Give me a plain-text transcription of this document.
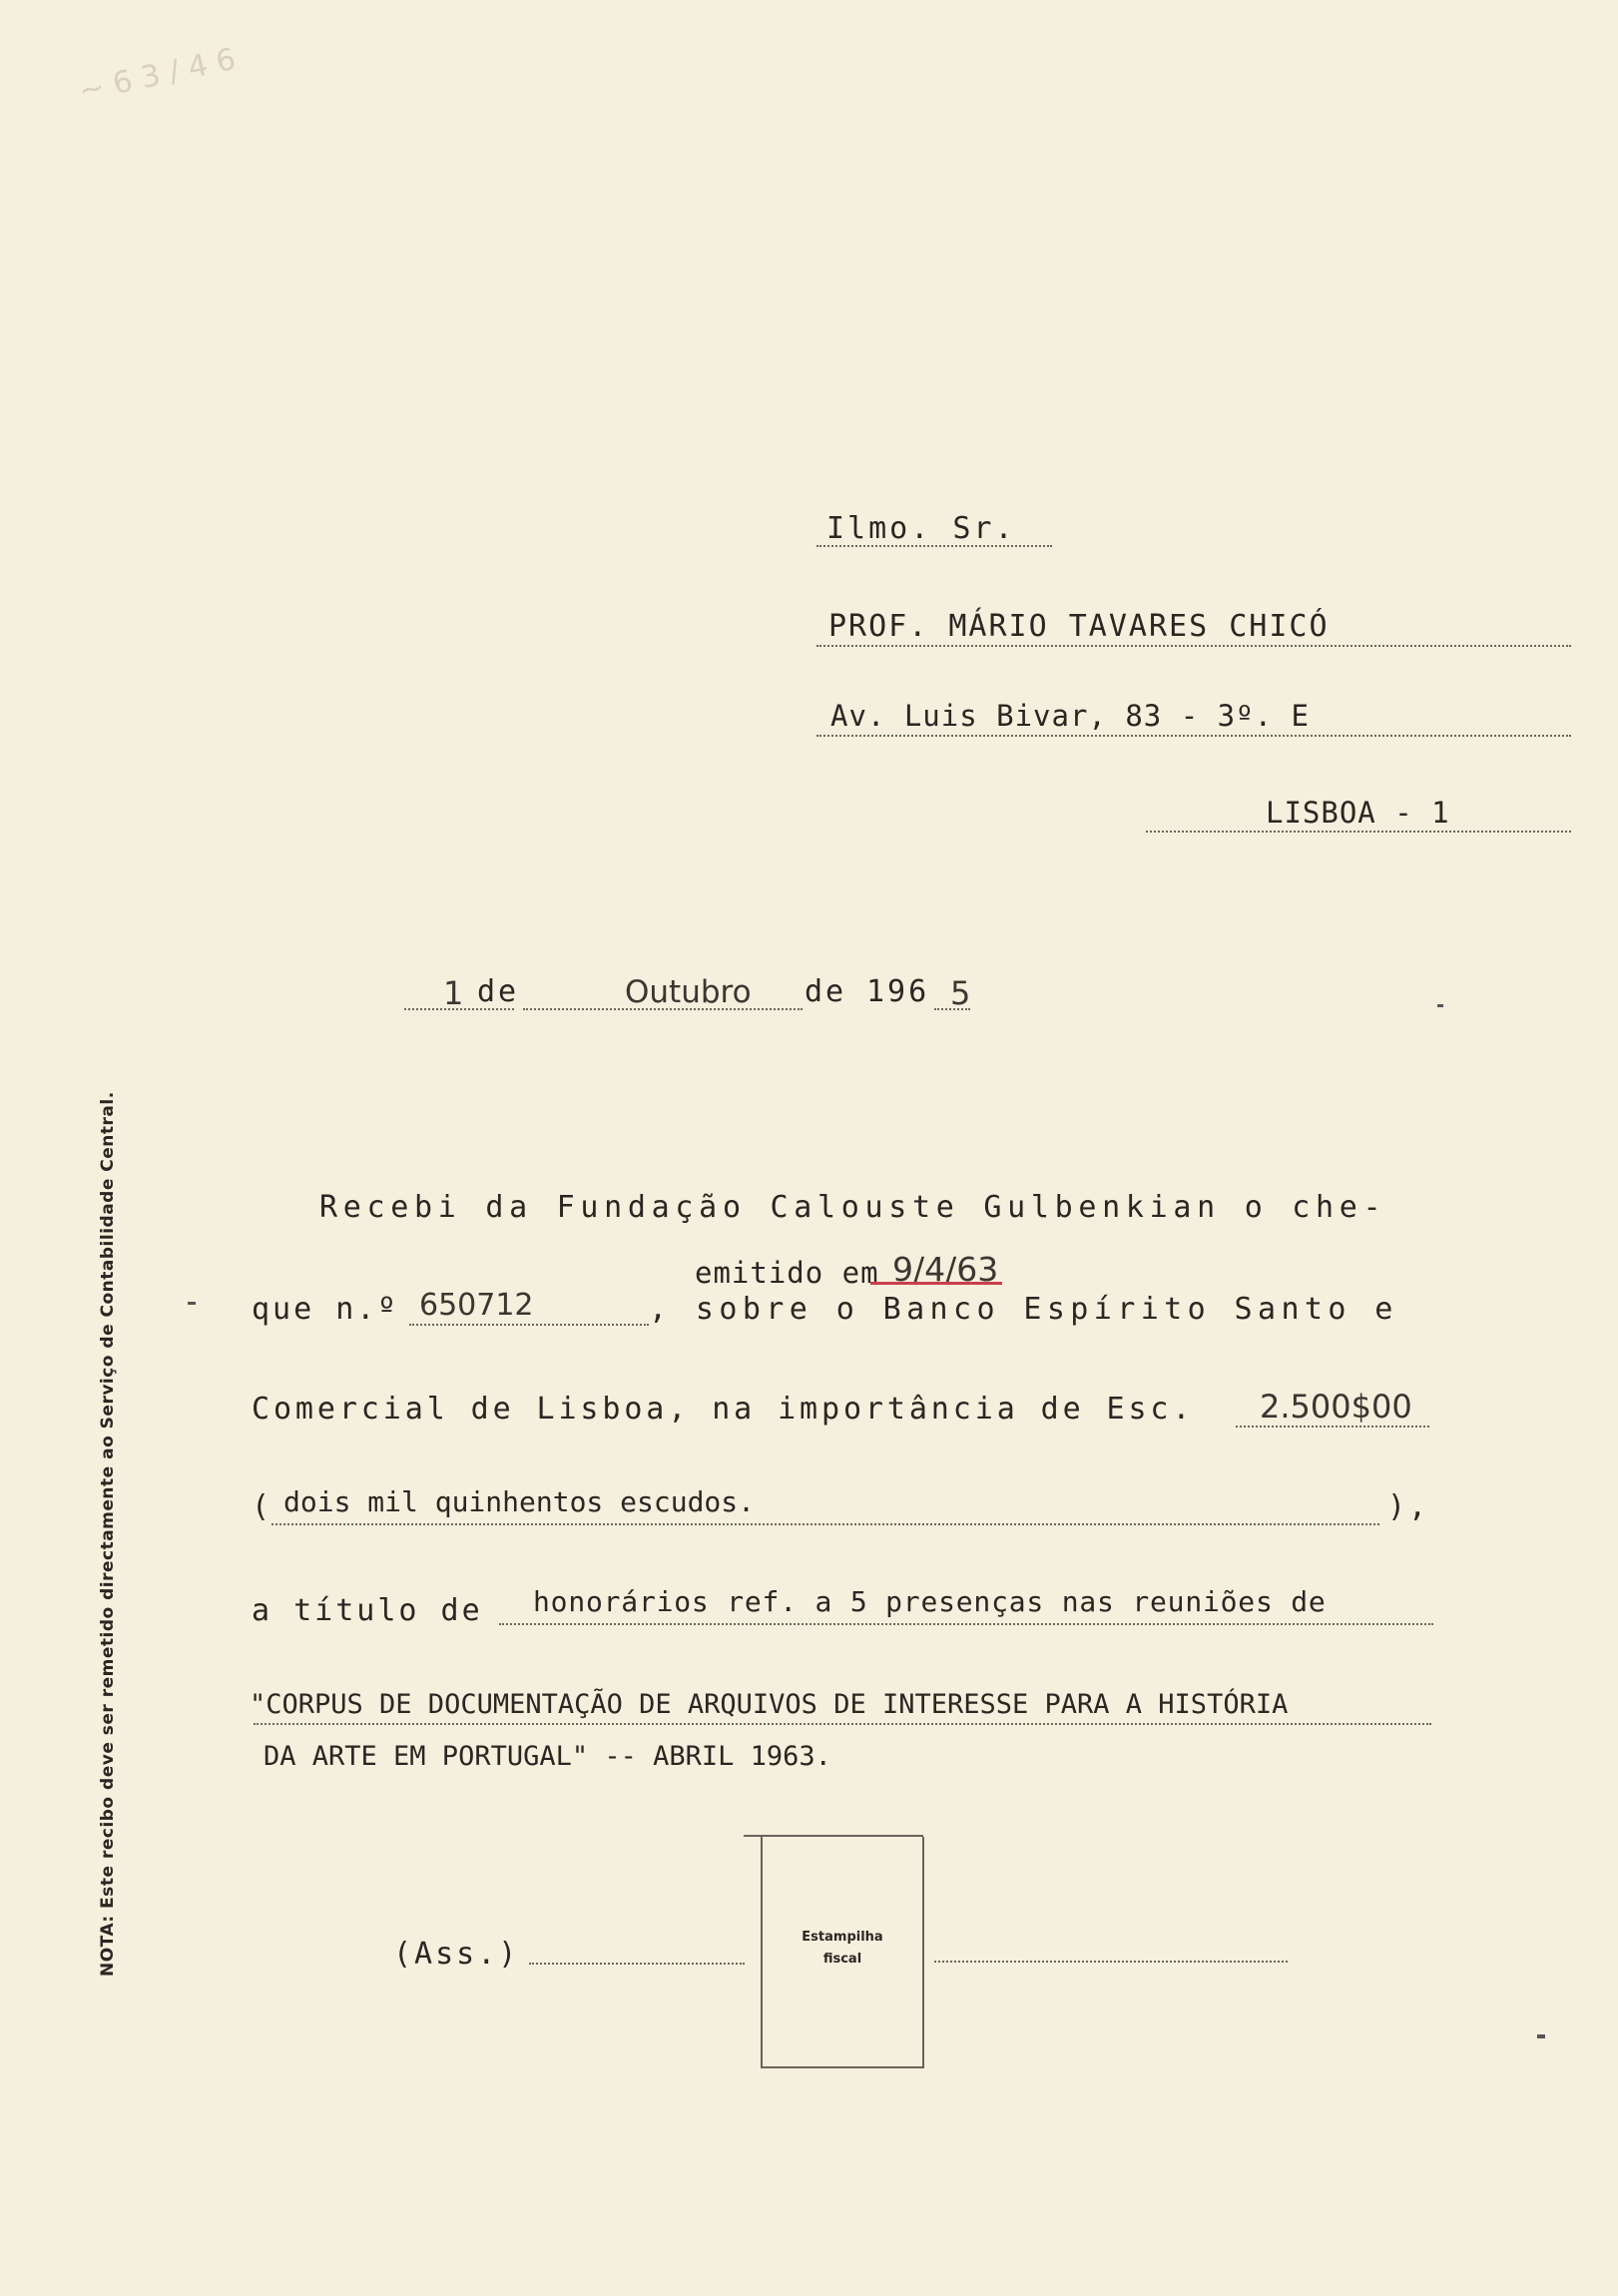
~ 6 3 / 4 6
NOTA: Este recibo deve ser remetido directamente ao Serviço de Contabilidade Central.
Ilmo. Sr.
PROF. MÁRIO TAVARES CHICÓ
Av. Luis Bivar, 83 - 3º. E
LISBOA - 1
1 de	Outubro de 196 5
Recebi da Fundação Calouste Gulbenkian o che-
emitido em 9/4/63
que n.º 650712	, sobre o Banco Espírito Santo e
Comercial de Lisboa, na importância de Esc. 2.500$00
( dois mil quinhentos escudos.	),
a título de honorários ref. a 5 presenças nas reuniões de
"CORPUS DE DOCUMENTAÇÃO DE ARQUIVOS DE INTERESSE PARA A HISTÓRIA
DA ARTE EM PORTUGAL" -- ABRIL 1963.
(Ass.)	Estampilha
fiscal
